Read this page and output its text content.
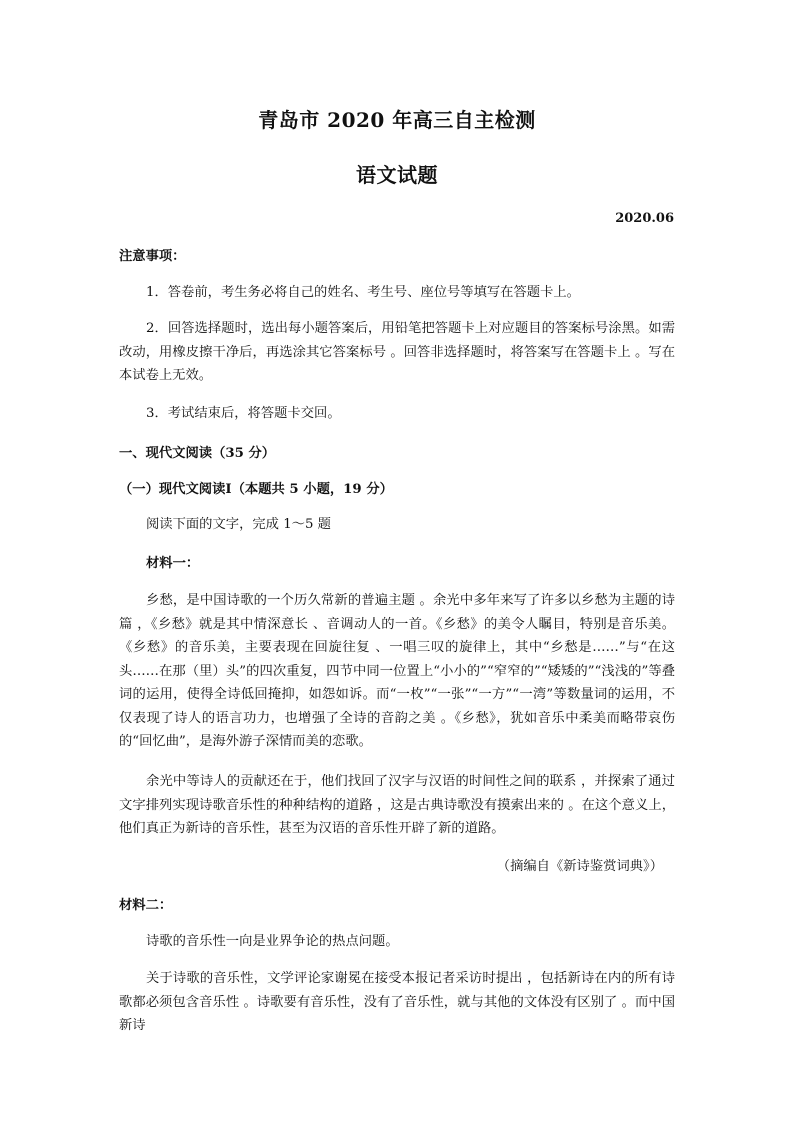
青岛市 2020 年高三自主检测
语文试题
2020.06
注意事项：
1．答卷前，考生务必将自己的姓名、考生号、座位号等填写在答题卡上。
2．回答选择题时，选出每小题答案后，用铅笔把答题卡上对应题目的答案标号涂黑。如需改动，用橡皮擦干净后，再选涂其它答案标号 。回答非选择题时，将答案写在答题卡上 。写在本试卷上无效。
3．考试结束后，将答题卡交回。
一、现代文阅读（35 分）
（一）现代文阅读Ⅰ（本题共 5 小题，19 分）
阅读下面的文字，完成 1～5 题
材料一：
乡愁，是中国诗歌的一个历久常新的普遍主题 。余光中多年来写了许多以乡愁为主题的诗篇 ，《乡愁》就是其中情深意长 、音调动人的一首。《乡愁》的美令人瞩目，特别是音乐美。《乡愁》的音乐美，主要表现在回旋往复 、一唱三叹的旋律上，其中“乡愁是……”与“在这头……在那（里）头”的四次重复，四节中同一位置上“小小的”“窄窄的”“矮矮的”“浅浅的”等叠词的运用，使得全诗低回掩抑，如怨如诉。而“一枚”“一张”“一方”“一湾”等数量词的运用，不仅表现了诗人的语言功力，也增强了全诗的音韵之美 。《乡愁》，犹如音乐中柔美而略带哀伤的“回忆曲”，是海外游子深情而美的恋歌。
余光中等诗人的贡献还在于，他们找回了汉字与汉语的时间性之间的联系 ，并探索了通过文字排列实现诗歌音乐性的种种结构的道路 ，这是古典诗歌没有摸索出来的 。在这个意义上，他们真正为新诗的音乐性，甚至为汉语的音乐性开辟了新的道路。
（摘编自《新诗鉴赏词典》）
材料二：
诗歌的音乐性一向是业界争论的热点问题。
关于诗歌的音乐性，文学评论家谢冕在接受本报记者采访时提出 ，包括新诗在内的所有诗歌都必须包含音乐性 。诗歌要有音乐性，没有了音乐性，就与其他的文体没有区别了 。而中国新诗
